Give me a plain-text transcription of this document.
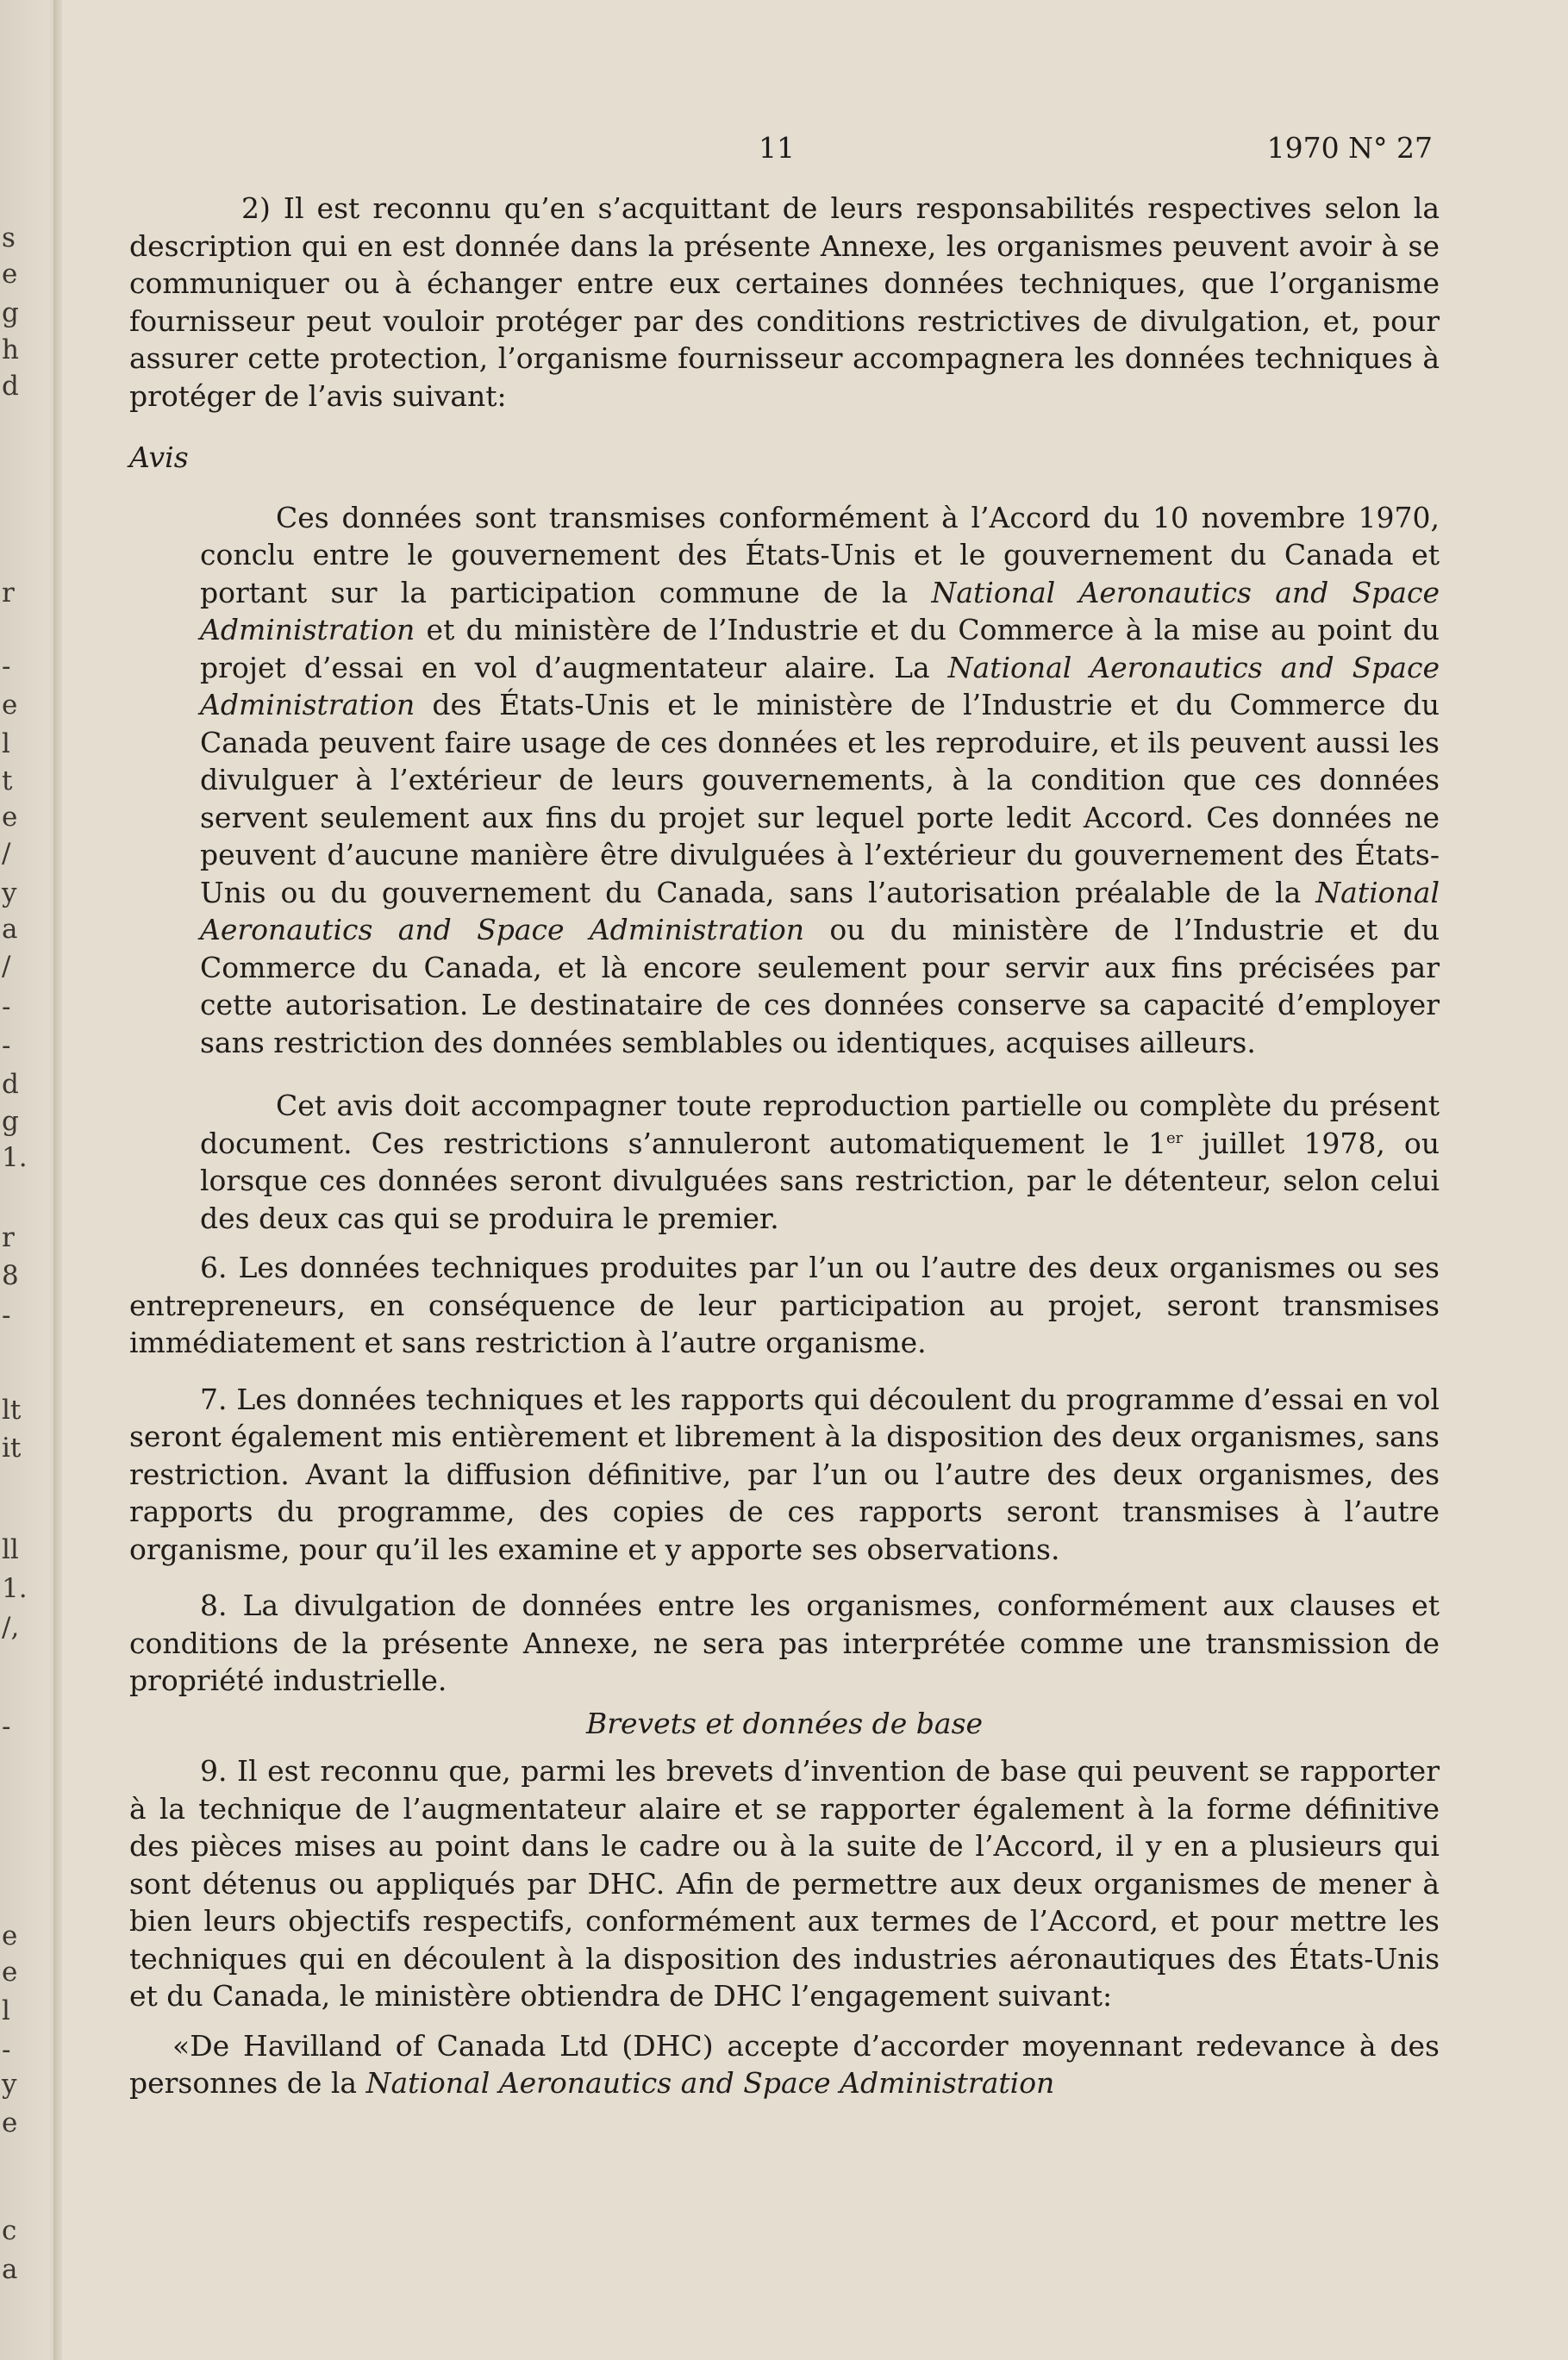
s
e
g
h
d
r
-
e
l
t
e
/
y
a
/
-
-
d
g
1.
r
8
-
lt
it
ll
1.
/,
-
e
e
l
-
y
e
c
a
11	1970 N° 27

2) Il est reconnu qu’en s’acquittant de leurs responsabilités respectives selon la description qui en est donnée dans la présente Annexe, les organismes peuvent avoir à se communiquer ou à échanger entre eux certaines données techniques, que l’organisme fournisseur peut vouloir protéger par des conditions restrictives de divulgation, et, pour assurer cette protection, l’organisme fournisseur accompagnera les données techniques à protéger de l’avis suivant:

Avis

Ces données sont transmises conformément à l’Accord du 10 novembre 1970, conclu entre le gouvernement des États-Unis et le gouvernement du Canada et portant sur la participation commune de la National Aeronautics and Space Administration et du ministère de l’Industrie et du Commerce à la mise au point du projet d’essai en vol d’augmentateur alaire. La National Aeronautics and Space Administration des États-Unis et le ministère de l’Industrie et du Commerce du Canada peuvent faire usage de ces données et les reproduire, et ils peuvent aussi les divulguer à l’extérieur de leurs gouvernements, à la condition que ces données servent seulement aux fins du projet sur lequel porte ledit Accord. Ces données ne peuvent d’aucune manière être divulguées à l’extérieur du gouvernement des États-Unis ou du gouvernement du Canada, sans l’autorisation préalable de la National Aeronautics and Space Administration ou du ministère de l’Industrie et du Commerce du Canada, et là encore seulement pour servir aux fins précisées par cette autorisation. Le destinataire de ces données conserve sa capacité d’employer sans restriction des données semblables ou identiques, acquises ailleurs.

Cet avis doit accompagner toute reproduction partielle ou complète du présent document. Ces restrictions s’annuleront automatiquement le 1er juillet 1978, ou lorsque ces données seront divulguées sans restriction, par le détenteur, selon celui des deux cas qui se produira le premier.

6. Les données techniques produites par l’un ou l’autre des deux organismes ou ses entrepreneurs, en conséquence de leur participation au projet, seront transmises immédiatement et sans restriction à l’autre organisme.

7. Les données techniques et les rapports qui découlent du programme d’essai en vol seront également mis entièrement et librement à la disposition des deux organismes, sans restriction. Avant la diffusion définitive, par l’un ou l’autre des deux organismes, des rapports du programme, des copies de ces rapports seront transmises à l’autre organisme, pour qu’il les examine et y apporte ses observations.

8. La divulgation de données entre les organismes, conformément aux clauses et conditions de la présente Annexe, ne sera pas interprétée comme une transmission de propriété industrielle.

Brevets et données de base

9. Il est reconnu que, parmi les brevets d’invention de base qui peuvent se rapporter à la technique de l’augmentateur alaire et se rapporter également à la forme définitive des pièces mises au point dans le cadre ou à la suite de l’Accord, il y en a plusieurs qui sont détenus ou appliqués par DHC. Afin de permettre aux deux organismes de mener à bien leurs objectifs respectifs, conformément aux termes de l’Accord, et pour mettre les techniques qui en découlent à la disposition des industries aéronautiques des États-Unis et du Canada, le ministère obtiendra de DHC l’engagement suivant:

«De Havilland of Canada Ltd (DHC) accepte d’accorder moyennant redevance à des personnes de la National Aeronautics and Space Administration
